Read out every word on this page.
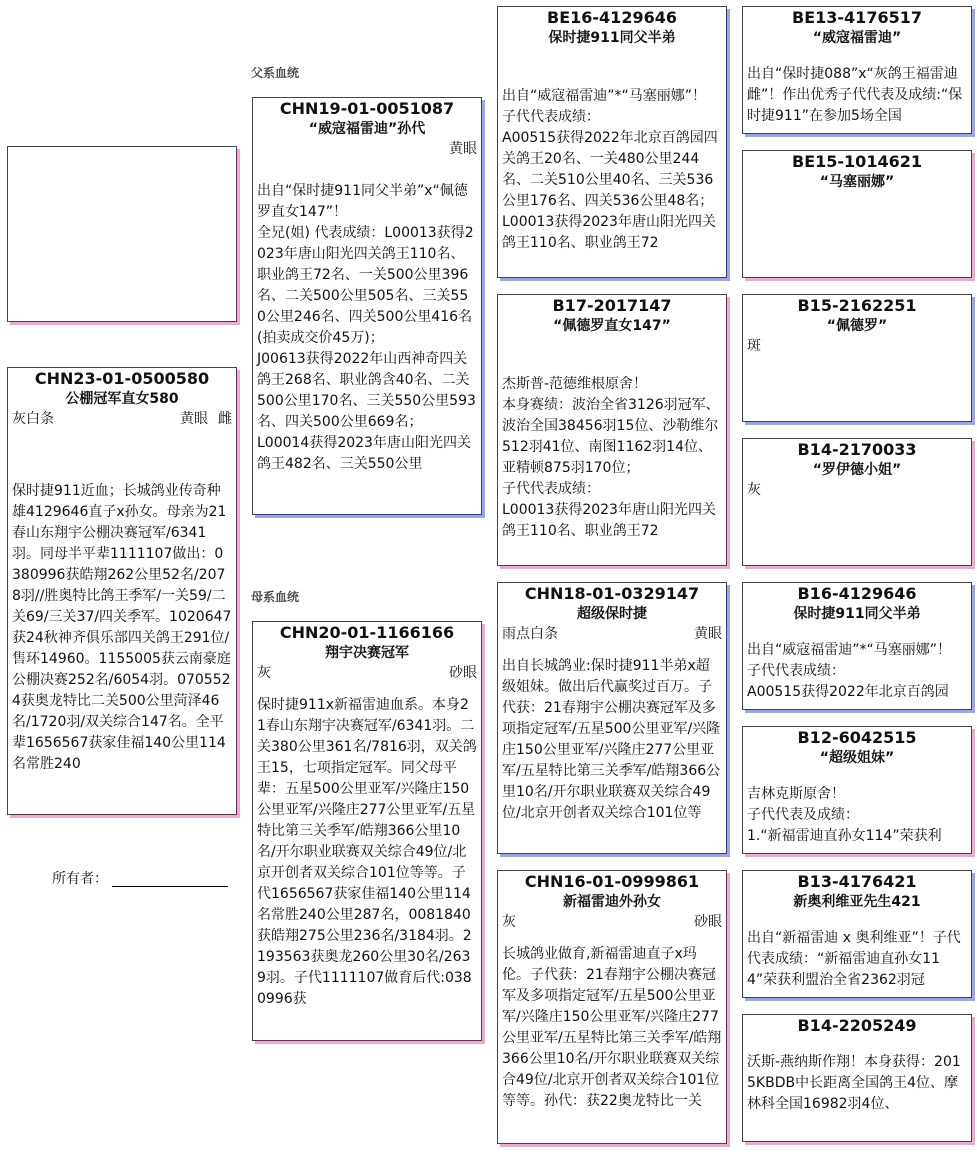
父系血统
母系血统
CHN23-01-0500580
公棚冠军直女580
灰白条	黄眼 雌
保时捷911近血；长城鸽业传奇种雄4129646直子x孙女。母亲为21春山东翔宇公棚决赛冠军/6341羽。同母半平辈1111107做出：0380996获皓翔262公里52名/2078羽//胜奥特比鸽王季军/一关59/二关69/三关37/四关季军。1020647获24秋神齐俱乐部四关鸽王291位/售环14960。1155005获云南豪庭公棚决赛252名/6054羽。0705524获奥龙特比二关500公里菏泽46名/1720羽/双关综合147名。全平辈1656567获家佳福140公里114名常胜240
所有者：
CHN19-01-0051087
“威寇福雷迪”孙代
黄眼
出自“保时捷911同父半弟”x“佩德罗直女147”！
全兄(姐) 代表成绩：L00013获得2023年唐山阳光四关鸽王110名、职业鸽王72名、一关500公里396名、二关500公里505名、三关550公里246名、四关500公里416名(拍卖成交价45万)；
J00613获得2022年山西神奇四关鸽王268名、职业鸽含40名、二关500公里170名、三关550公里593名、四关500公里669名；
L00014获得2023年唐山阳光四关鸽王482名、三关550公里
CHN20-01-1166166
翔宇决赛冠军
灰	砂眼
保时捷911x新福雷迪血系。本身21春山东翔宇决赛冠军/6341羽。二关380公里361名/7816羽，双关鸽王15，七项指定冠军。同父母平辈：五星500公里亚军/兴隆庄150公里亚军/兴隆庄277公里亚军/五星特比第三关季军/皓翔366公里10名/开尔职业联赛双关综合49位/北京开创者双关综合101位等等。子代1656567获家佳福140公里114名常胜240公里287名，0081840获皓翔275公里236名/3184羽。2193563获奥龙260公里30名/2639羽。子代1111107做育后代:0380996获
BE16-4129646
保时捷911同父半弟
出自“威寇福雷迪”*“马塞丽娜”！
子代代表成绩：
A00515获得2022年北京百鸽园四关鸽王20名、一关480公里244名、二关510公里40名、三关536公里176名、四关536公里48名；
L00013获得2023年唐山阳光四关鸽王110名、职业鸽王72
B17-2017147
“佩德罗直女147”
杰斯普-范德维根原舍！
本身赛绩：波治全省3126羽冠军、波治全国38456羽15位、沙勒维尔512羽41位、南图1162羽14位、亚精顿875羽170位；
子代代表成绩：
L00013获得2023年唐山阳光四关鸽王110名、职业鸽王72
CHN18-01-0329147
超级保时捷
雨点白条	黄眼
出自长城鸽业:保时捷911半弟x超级姐妹。做出后代赢奖过百万。子代获：21春翔宇公棚决赛冠军及多项指定冠军/五星500公里亚军/兴隆庄150公里亚军/兴隆庄277公里亚军/五星特比第三关季军/皓翔366公里10名/开尔职业联赛双关综合49位/北京开创者双关综合101位等
CHN16-01-0999861
新福雷迪外孙女
灰	砂眼
长城鸽业做育,新福雷迪直子x玛伦。子代获：21春翔宇公棚决赛冠军及多项指定冠军/五星500公里亚军/兴隆庄150公里亚军/兴隆庄277公里亚军/五星特比第三关季军/皓翔366公里10名/开尔职业联赛双关综合49位/北京开创者双关综合101位等等。孙代：获22奥龙特比一关
BE13-4176517
“威寇福雷迪”
出自“保时捷088”x“灰鸽王福雷迪雌”！作出优秀子代代表及成绩:“保时捷911”在参加5场全国
BE15-1014621
“马塞丽娜”
B15-2162251
“佩德罗”
斑
B14-2170033
“罗伊德小姐”
灰
B16-4129646
保时捷911同父半弟
出自“威寇福雷迪”*“马塞丽娜”！
子代代表成绩：
A00515获得2022年北京百鸽园
B12-6042515
“超级姐妹”
吉林克斯原舍！
子代代表及成绩：
1.“新福雷迪直孙女114”荣获利
B13-4176421
新奥利维亚先生421
出自“新福雷迪 x 奥利维亚”！子代代表成绩：“新福雷迪直孙女114”荣获利盟治全省2362羽冠
B14-2205249
沃斯-燕纳斯作翔！本身获得：2015KBDB中长距离全国鸽王4位、摩林科全国16982羽4位、
